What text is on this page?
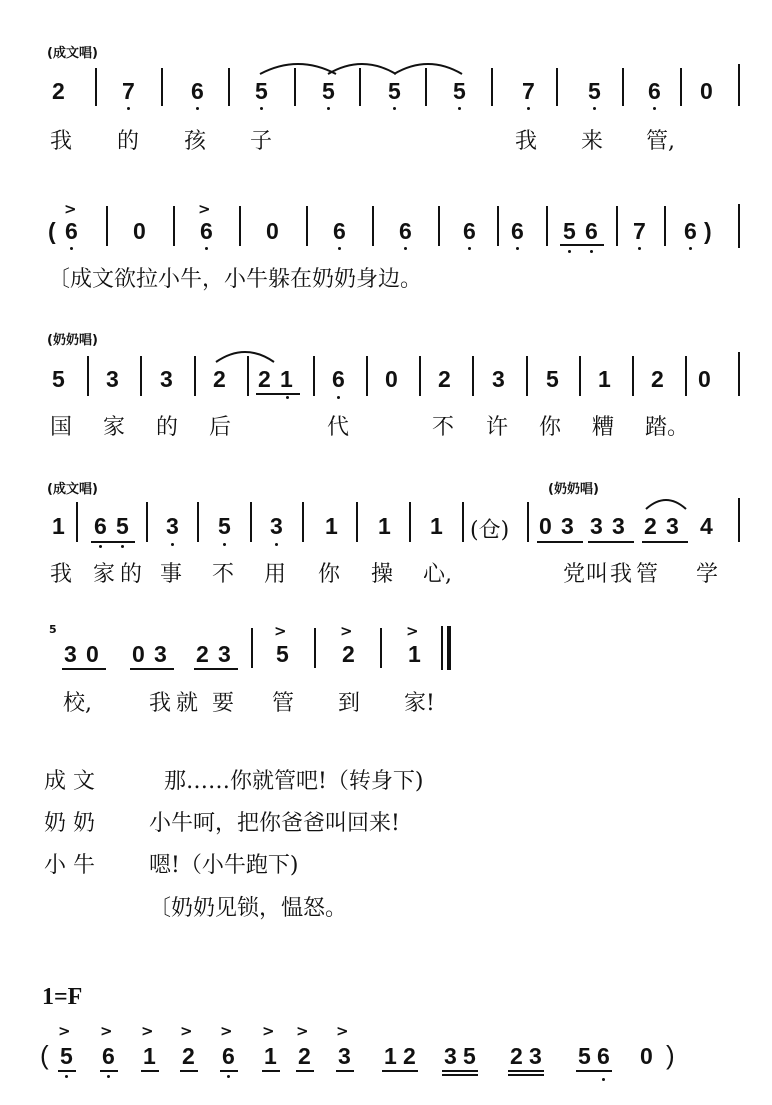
(成文唱)
2 7 6 5 5 5 5 7 5 6 0
我 的 孩 子	我 来 管,
( 6 0 6 0 6 6 6 6 5 6 7 6 )
>	>
〔成文欲拉小牛，小牛躲在奶奶身边。
(奶奶唱)
5 3 3 2 2 1 6 0 2 3 5 1 2 0
国 家 的 后	代	不 许 你 糟 踏。
(成文唱)	(奶奶唱)
1 6 5 3 5 3 1 1 1 (仓) 0 3 3 3 2 3 4
我 家 的 事 不 用 你 操 心,	党 叫 我 管 学
5
3 0 0 3 2 3 5 2 1
>	>	>
校,	我 就 要 管 到 家!
成 文	那……你就管吧!（转身下)
奶 奶 小牛呵，把你爸爸叫回来!
小 牛 嗯!（小牛跑下)
〔奶奶见锁，愠怒。
1=F
( 5 6 1 2 6 1 2 3 1 2 3 5 2 3 5 6 0 )
> > > > > > > >
